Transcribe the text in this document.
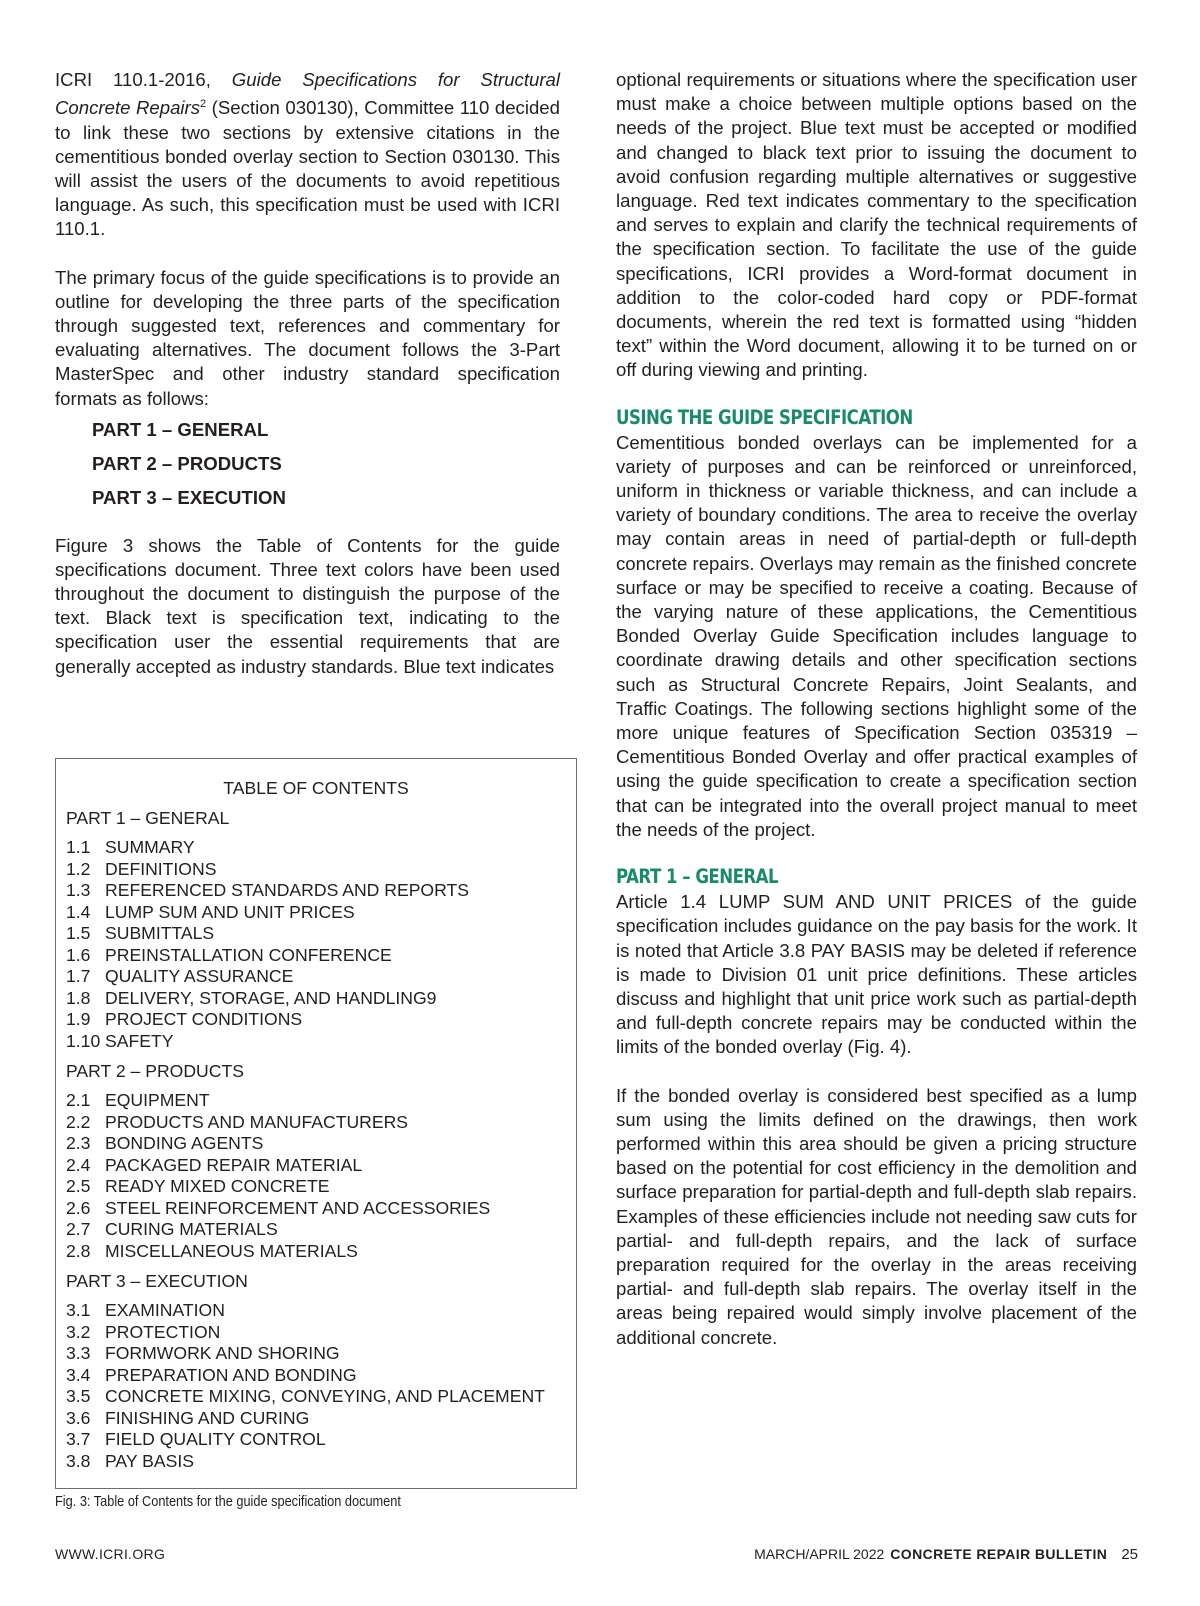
ICRI 110.1-2016, Guide Specifications for Structural Concrete Repairs$^2$ (Section 030130), Committee 110 decided to link these two sections by extensive citations in the cementitious bonded overlay section to Section 030130. This will assist the users of the documents to avoid repetitious language. As such, this specification must be used with ICRI 110.1.

The primary focus of the guide specifications is to provide an outline for developing the three parts of the specification through suggested text, references and commentary for evaluating alternatives. The document follows the 3-Part MasterSpec and other industry standard specification formats as follows:

PART 1 – GENERAL
PART 2 – PRODUCTS
PART 3 – EXECUTION

Figure 3 shows the Table of Contents for the guide specifications document. Three text colors have been used throughout the document to distinguish the purpose of the text. Black text is specification text, indicating to the specification user the essential requirements that are generally accepted as industry standards. Blue text indicates

TABLE OF CONTENTS
PART 1 – GENERAL
1.1 SUMMARY
1.2 DEFINITIONS
1.3 REFERENCED STANDARDS AND REPORTS
1.4 LUMP SUM AND UNIT PRICES
1.5 SUBMITTALS
1.6 PREINSTALLATION CONFERENCE
1.7 QUALITY ASSURANCE
1.8 DELIVERY, STORAGE, AND HANDLING9
1.9 PROJECT CONDITIONS
1.10 SAFETY
PART 2 – PRODUCTS
2.1 EQUIPMENT
2.2 PRODUCTS AND MANUFACTURERS
2.3 BONDING AGENTS
2.4 PACKAGED REPAIR MATERIAL
2.5 READY MIXED CONCRETE
2.6 STEEL REINFORCEMENT AND ACCESSORIES
2.7 CURING MATERIALS
2.8 MISCELLANEOUS MATERIALS
PART 3 – EXECUTION
3.1 EXAMINATION
3.2 PROTECTION
3.3 FORMWORK AND SHORING
3.4 PREPARATION AND BONDING
3.5 CONCRETE MIXING, CONVEYING, AND PLACEMENT
3.6 FINISHING AND CURING
3.7 FIELD QUALITY CONTROL
3.8 PAY BASIS
Fig. 3: Table of Contents for the guide specification document

optional requirements or situations where the specification user must make a choice between multiple options based on the needs of the project. Blue text must be accepted or modified and changed to black text prior to issuing the document to avoid confusion regarding multiple alternatives or suggestive language. Red text indicates commentary to the specification and serves to explain and clarify the technical requirements of the specification section. To facilitate the use of the guide specifications, ICRI provides a Word-format document in addition to the color-coded hard copy or PDF-format documents, wherein the red text is formatted using “hidden text” within the Word document, allowing it to be turned on or off during viewing and printing.

USING THE GUIDE SPECIFICATION

Cementitious bonded overlays can be implemented for a variety of purposes and can be reinforced or unreinforced, uniform in thickness or variable thickness, and can include a variety of boundary conditions. The area to receive the overlay may contain areas in need of partial-depth or full-depth concrete repairs. Overlays may remain as the finished concrete surface or may be specified to receive a coating. Because of the varying nature of these applications, the Cementitious Bonded Overlay Guide Specification includes language to coordinate drawing details and other specification sections such as Structural Concrete Repairs, Joint Sealants, and Traffic Coatings. The following sections highlight some of the more unique features of Specification Section 035319 – Cementitious Bonded Overlay and offer practical examples of using the guide specification to create a specification section that can be integrated into the overall project manual to meet the needs of the project.

PART 1 – GENERAL

Article 1.4 LUMP SUM AND UNIT PRICES of the guide specification includes guidance on the pay basis for the work. It is noted that Article 3.8 PAY BASIS may be deleted if reference is made to Division 01 unit price definitions. These articles discuss and highlight that unit price work such as partial-depth and full-depth concrete repairs may be conducted within the limits of the bonded overlay (Fig. 4).

If the bonded overlay is considered best specified as a lump sum using the limits defined on the drawings, then work performed within this area should be given a pricing structure based on the potential for cost efficiency in the demolition and surface preparation for partial-depth and full-depth slab repairs. Examples of these efficiencies include not needing saw cuts for partial- and full-depth repairs, and the lack of surface preparation required for the overlay in the areas receiving partial- and full-depth slab repairs. The overlay itself in the areas being repaired would simply involve placement of the additional concrete.

WWW.ICRI.ORG	MARCH/APRIL 2022 CONCRETE REPAIR BULLETIN 25
